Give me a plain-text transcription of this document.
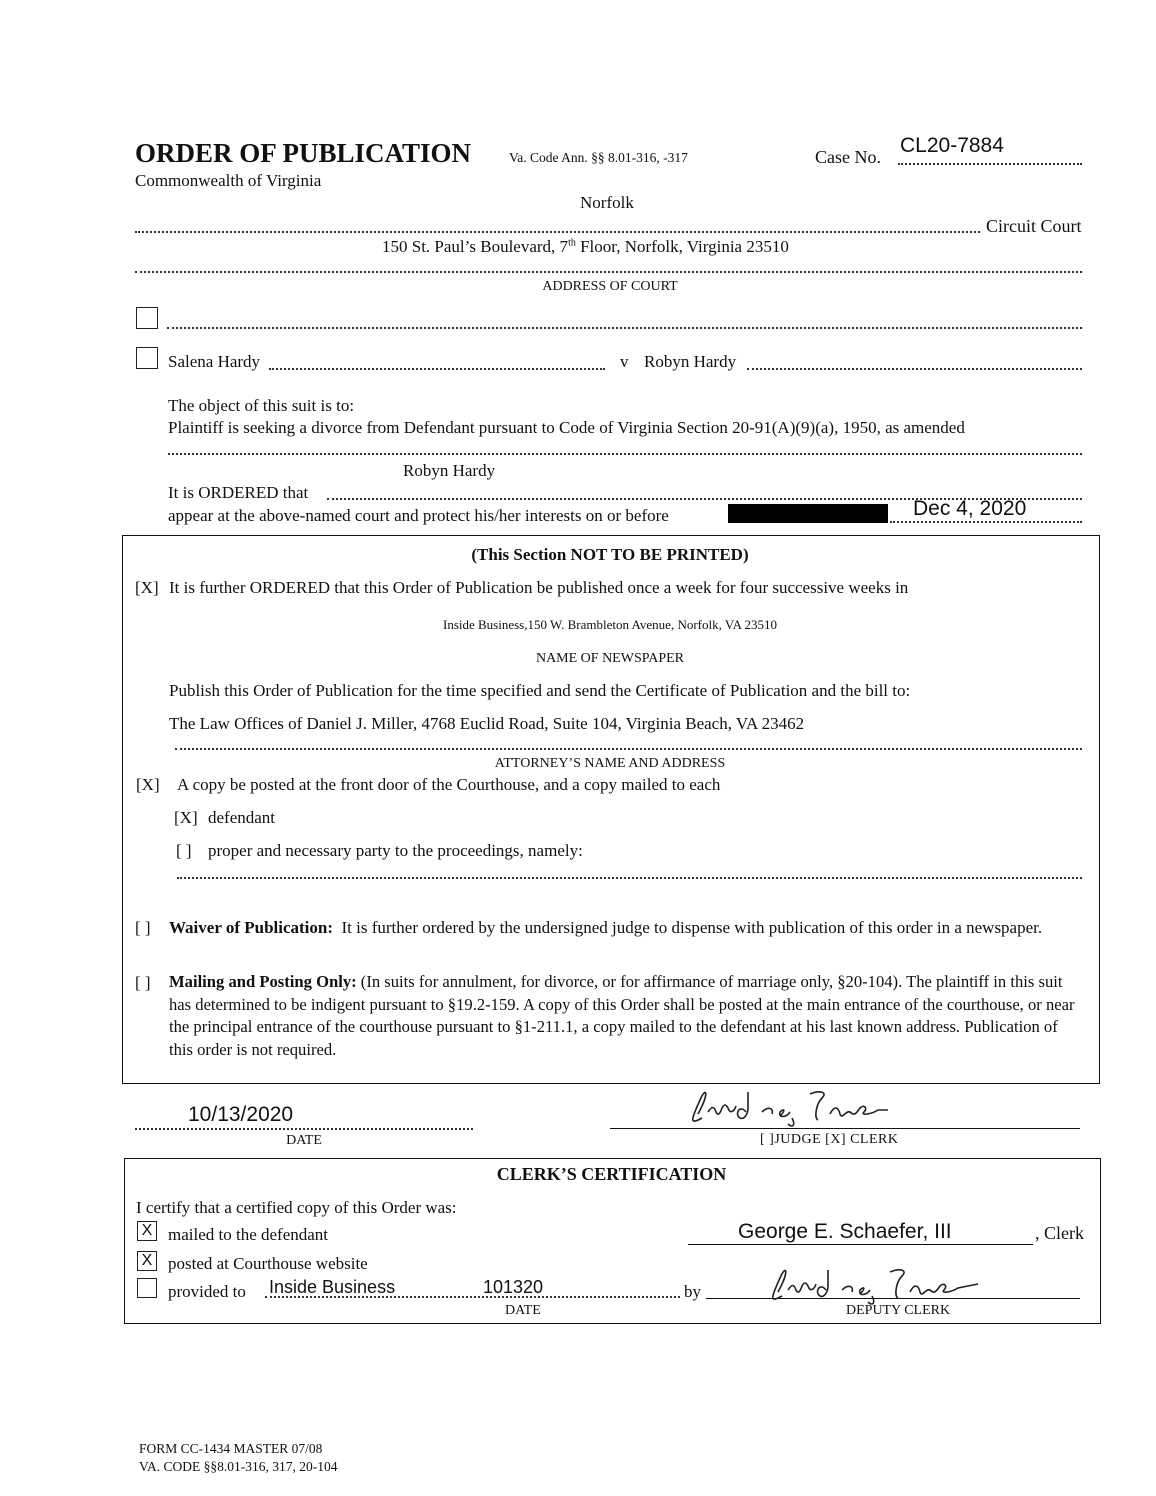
ORDER OF PUBLICATION	Va. Code Ann. §§ 8.01-316, -317	Case No. CL20-7884
Commonwealth of Virginia
Norfolk
Circuit Court
150 St. Paul’s Boulevard, 7th Floor, Norfolk, Virginia 23510
ADDRESS OF COURT
Salena Hardy	v Robyn Hardy
The object of this suit is to:
Plaintiff is seeking a divorce from Defendant pursuant to Code of Virginia Section 20-91(A)(9)(a), 1950, as amended
Robyn Hardy
It is ORDERED that
appear at the above-named court and protect his/her interests on or before	Dec 4, 2020
(This Section NOT TO BE PRINTED)
[X] It is further ORDERED that this Order of Publication be published once a week for four successive weeks in
Inside Business,150 W. Brambleton Avenue, Norfolk, VA 23510
NAME OF NEWSPAPER
Publish this Order of Publication for the time specified and send the Certificate of Publication and the bill to:
The Law Offices of Daniel J. Miller, 4768 Euclid Road, Suite 104, Virginia Beach, VA 23462
ATTORNEY’S NAME AND ADDRESS
[X] A copy be posted at the front door of the Courthouse, and a copy mailed to each
[X] defendant
[ ] proper and necessary party to the proceedings, namely:
[ ] Waiver of Publication: It is further ordered by the undersigned judge to dispense with publication of this order in a newspaper.
[ ] Mailing and Posting Only: (In suits for annulment, for divorce, or for affirmance of marriage only, §20-104). The plaintiff in this suit has determined to be indigent pursuant to §19.2-159. A copy of this Order shall be posted at the main entrance of the courthouse, or near the principal entrance of the courthouse pursuant to §1-211.1, a copy mailed to the defendant at his last known address. Publication of this order is not required.
10/13/2020
DATE
Lindsey Thomas
[ ]JUDGE [X] CLERK
CLERK’S CERTIFICATION
I certify that a certified copy of this Order was:
X mailed to the defendant
X posted at Courthouse website
provided to Inside Business	101320
DATE
by
George E. Schaefer, III	, Clerk
Lindsey Thomas
DEPUTY CLERK
FORM CC-1434 MASTER 07/08
VA. CODE §§8.01-316, 317, 20-104
